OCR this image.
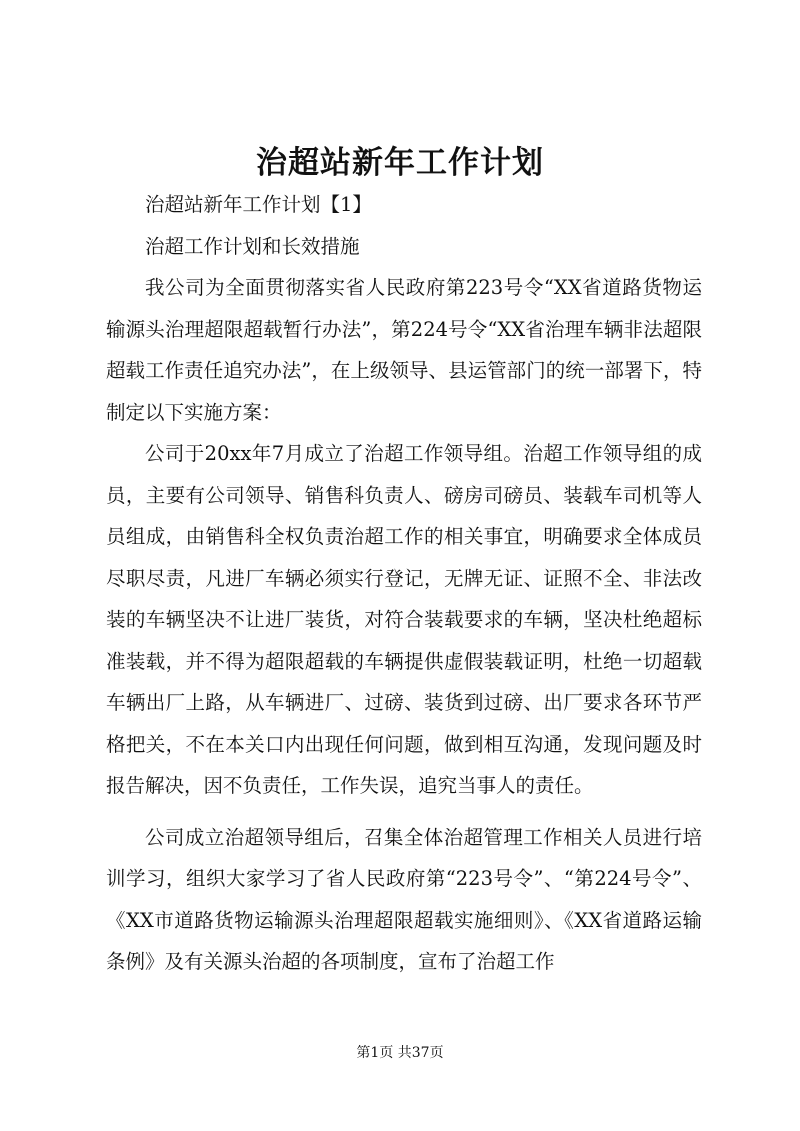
治超站新年工作计划

治超站新年工作计划【1】

治超工作计划和长效措施

我公司为全面贯彻落实省人民政府第223号令“XX省道路货物运输源头治理超限超载暂行办法”，第224号令“XX省治理车辆非法超限超载工作责任追究办法”，在上级领导、县运管部门的统一部署下，特制定以下实施方案：

公司于20xx年7月成立了治超工作领导组。治超工作领导组的成员，主要有公司领导、销售科负责人、磅房司磅员、装载车司机等人员组成，由销售科全权负责治超工作的相关事宜，明确要求全体成员尽职尽责，凡进厂车辆必须实行登记，无牌无证、证照不全、非法改装的车辆坚决不让进厂装货，对符合装载要求的车辆，坚决杜绝超标准装载，并不得为超限超载的车辆提供虚假装载证明，杜绝一切超载车辆出厂上路，从车辆进厂、过磅、装货到过磅、出厂要求各环节严格把关，不在本关口内出现任何问题，做到相互沟通，发现问题及时报告解决，因不负责任，工作失误，追究当事人的责任。

公司成立治超领导组后，召集全体治超管理工作相关人员进行培训学习，组织大家学习了省人民政府第“223号令”、“第224号令”、《XX市道路货物运输源头治理超限超载实施细则》、《XX省道路运输条例》及有关源头治超的各项制度，宣布了治超工作

第1页 共37页
